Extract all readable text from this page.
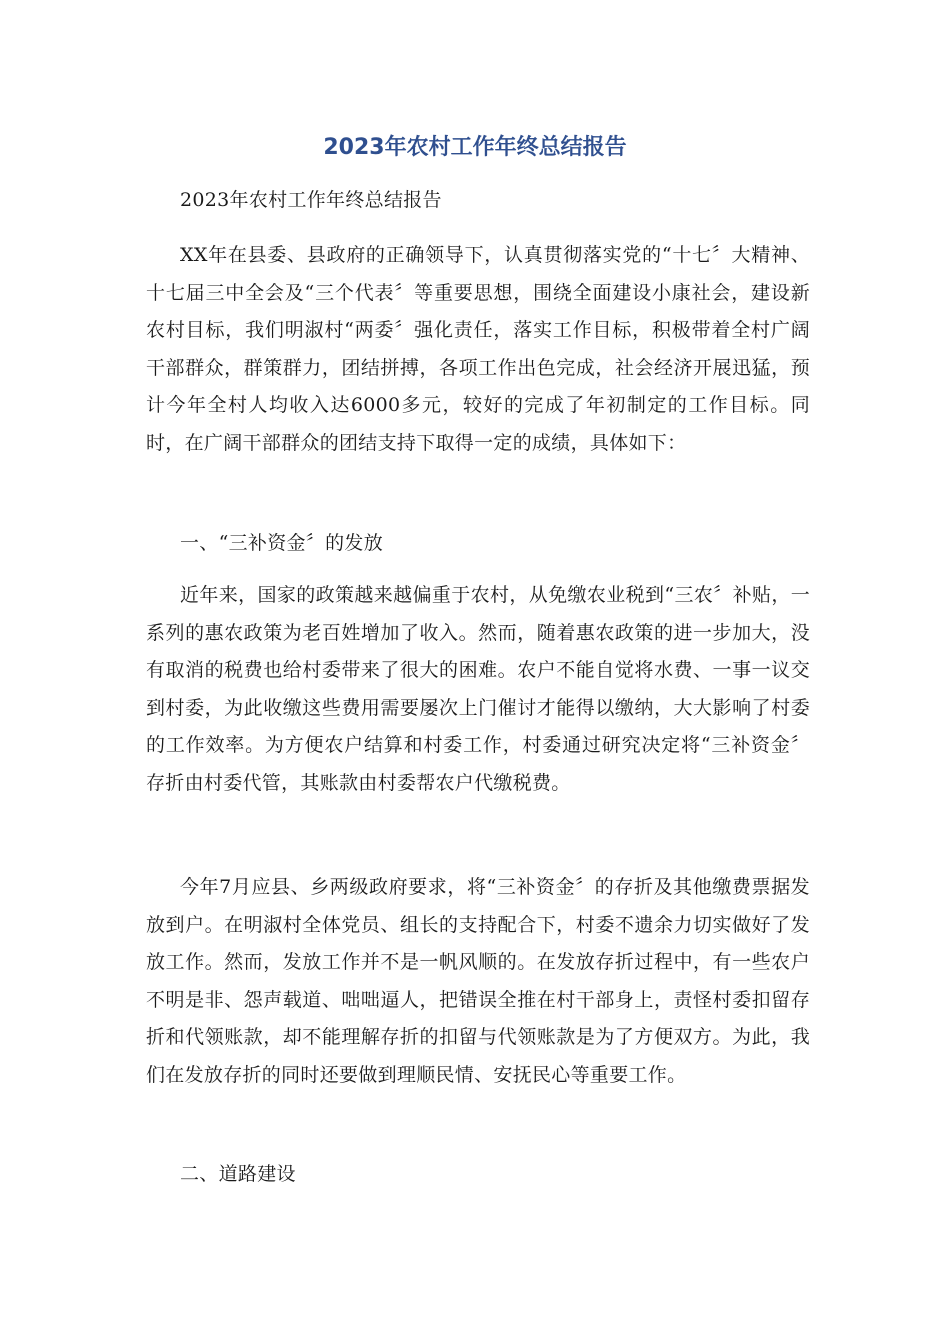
2023年农村工作年终总结报告

2023年农村工作年终总结报告

XX年在县委、县政府的正确领导下，认真贯彻落实党的“十七〞大精神、十七届三中全会及“三个代表〞等重要思想，围绕全面建设小康社会，建设新农村目标，我们明淑村“两委〞强化责任，落实工作目标，积极带着全村广阔干部群众，群策群力，团结拼搏，各项工作出色完成，社会经济开展迅猛，预计今年全村人均收入达6000多元，较好的完成了年初制定的工作目标。同时，在广阔干部群众的团结支持下取得一定的成绩，具体如下：

一、“三补资金〞的发放

近年来，国家的政策越来越偏重于农村，从免缴农业税到“三农〞补贴，一系列的惠农政策为老百姓增加了收入。然而，随着惠农政策的进一步加大，没有取消的税费也给村委带来了很大的困难。农户不能自觉将水费、一事一议交到村委，为此收缴这些费用需要屡次上门催讨才能得以缴纳，大大影响了村委的工作效率。为方便农户结算和村委工作，村委通过研究决定将“三补资金〞存折由村委代管，其账款由村委帮农户代缴税费。

今年7月应县、乡两级政府要求，将“三补资金〞的存折及其他缴费票据发放到户。在明淑村全体党员、组长的支持配合下，村委不遗余力切实做好了发放工作。然而，发放工作并不是一帆风顺的。在发放存折过程中，有一些农户不明是非、怨声载道、咄咄逼人，把错误全推在村干部身上，责怪村委扣留存折和代领账款，却不能理解存折的扣留与代领账款是为了方便双方。为此，我们在发放存折的同时还要做到理顺民情、安抚民心等重要工作。

二、道路建设
